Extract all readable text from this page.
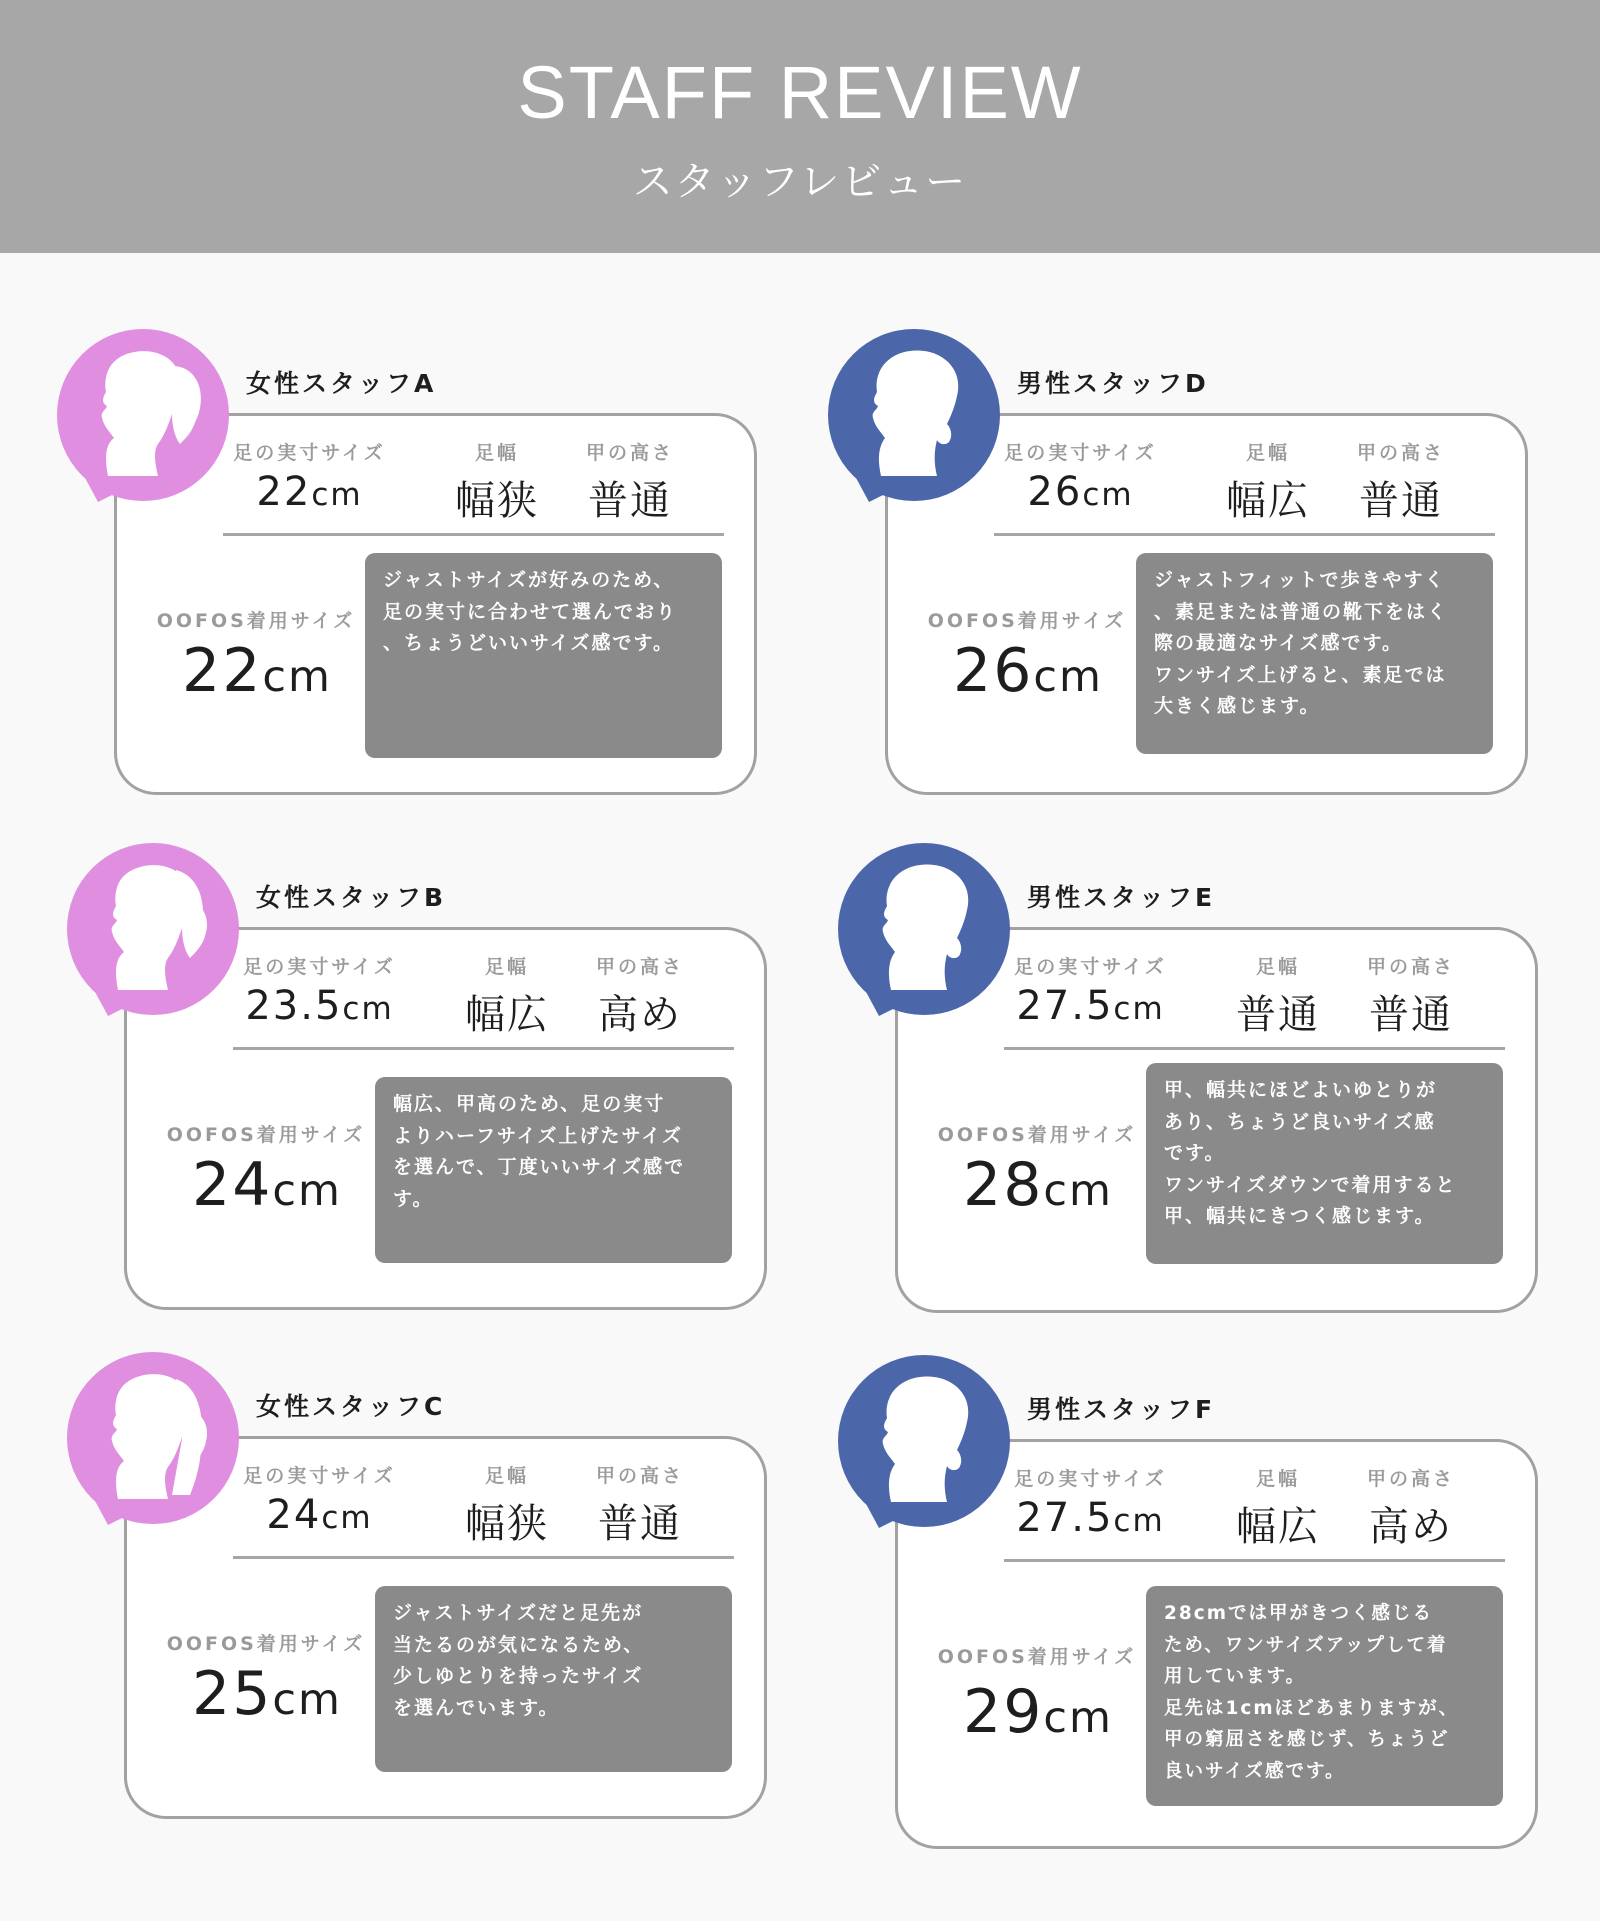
STAFF REVIEW
スタッフレビュー
足の実寸サイズ
22cm
足幅
幅狭
甲の高さ
普通
OOFOS着用サイズ
22cm
ジャストサイズが好みのため、
足の実寸に合わせて選んでおり
、ちょうどいいサイズ感です。
女性スタッフA
足の実寸サイズ
26cm
足幅
幅広
甲の高さ
普通
OOFOS着用サイズ
26cm
ジャストフィットで歩きやすく
、素足または普通の靴下をはく
際の最適なサイズ感です。
ワンサイズ上げると、素足では
大きく感じます。
男性スタッフD
足の実寸サイズ
23.5cm
足幅
幅広
甲の高さ
高め
OOFOS着用サイズ
24cm
幅広、甲高のため、足の実寸
よりハーフサイズ上げたサイズ
を選んで、丁度いいサイズ感で
す。
女性スタッフB
足の実寸サイズ
27.5cm
足幅
普通
甲の高さ
普通
OOFOS着用サイズ
28cm
甲、幅共にほどよいゆとりが
あり、ちょうど良いサイズ感
です。
ワンサイズダウンで着用すると
甲、幅共にきつく感じます。
男性スタッフE
足の実寸サイズ
24cm
足幅
幅狭
甲の高さ
普通
OOFOS着用サイズ
25cm
ジャストサイズだと足先が
当たるのが気になるため、
少しゆとりを持ったサイズ
を選んでいます。
女性スタッフC
足の実寸サイズ
27.5cm
足幅
幅広
甲の高さ
高め
OOFOS着用サイズ
29cm
28cmでは甲がきつく感じる
ため、ワンサイズアップして着
用しています。
足先は1cmほどあまりますが、
甲の窮屈さを感じず、ちょうど
良いサイズ感です。
男性スタッフF
